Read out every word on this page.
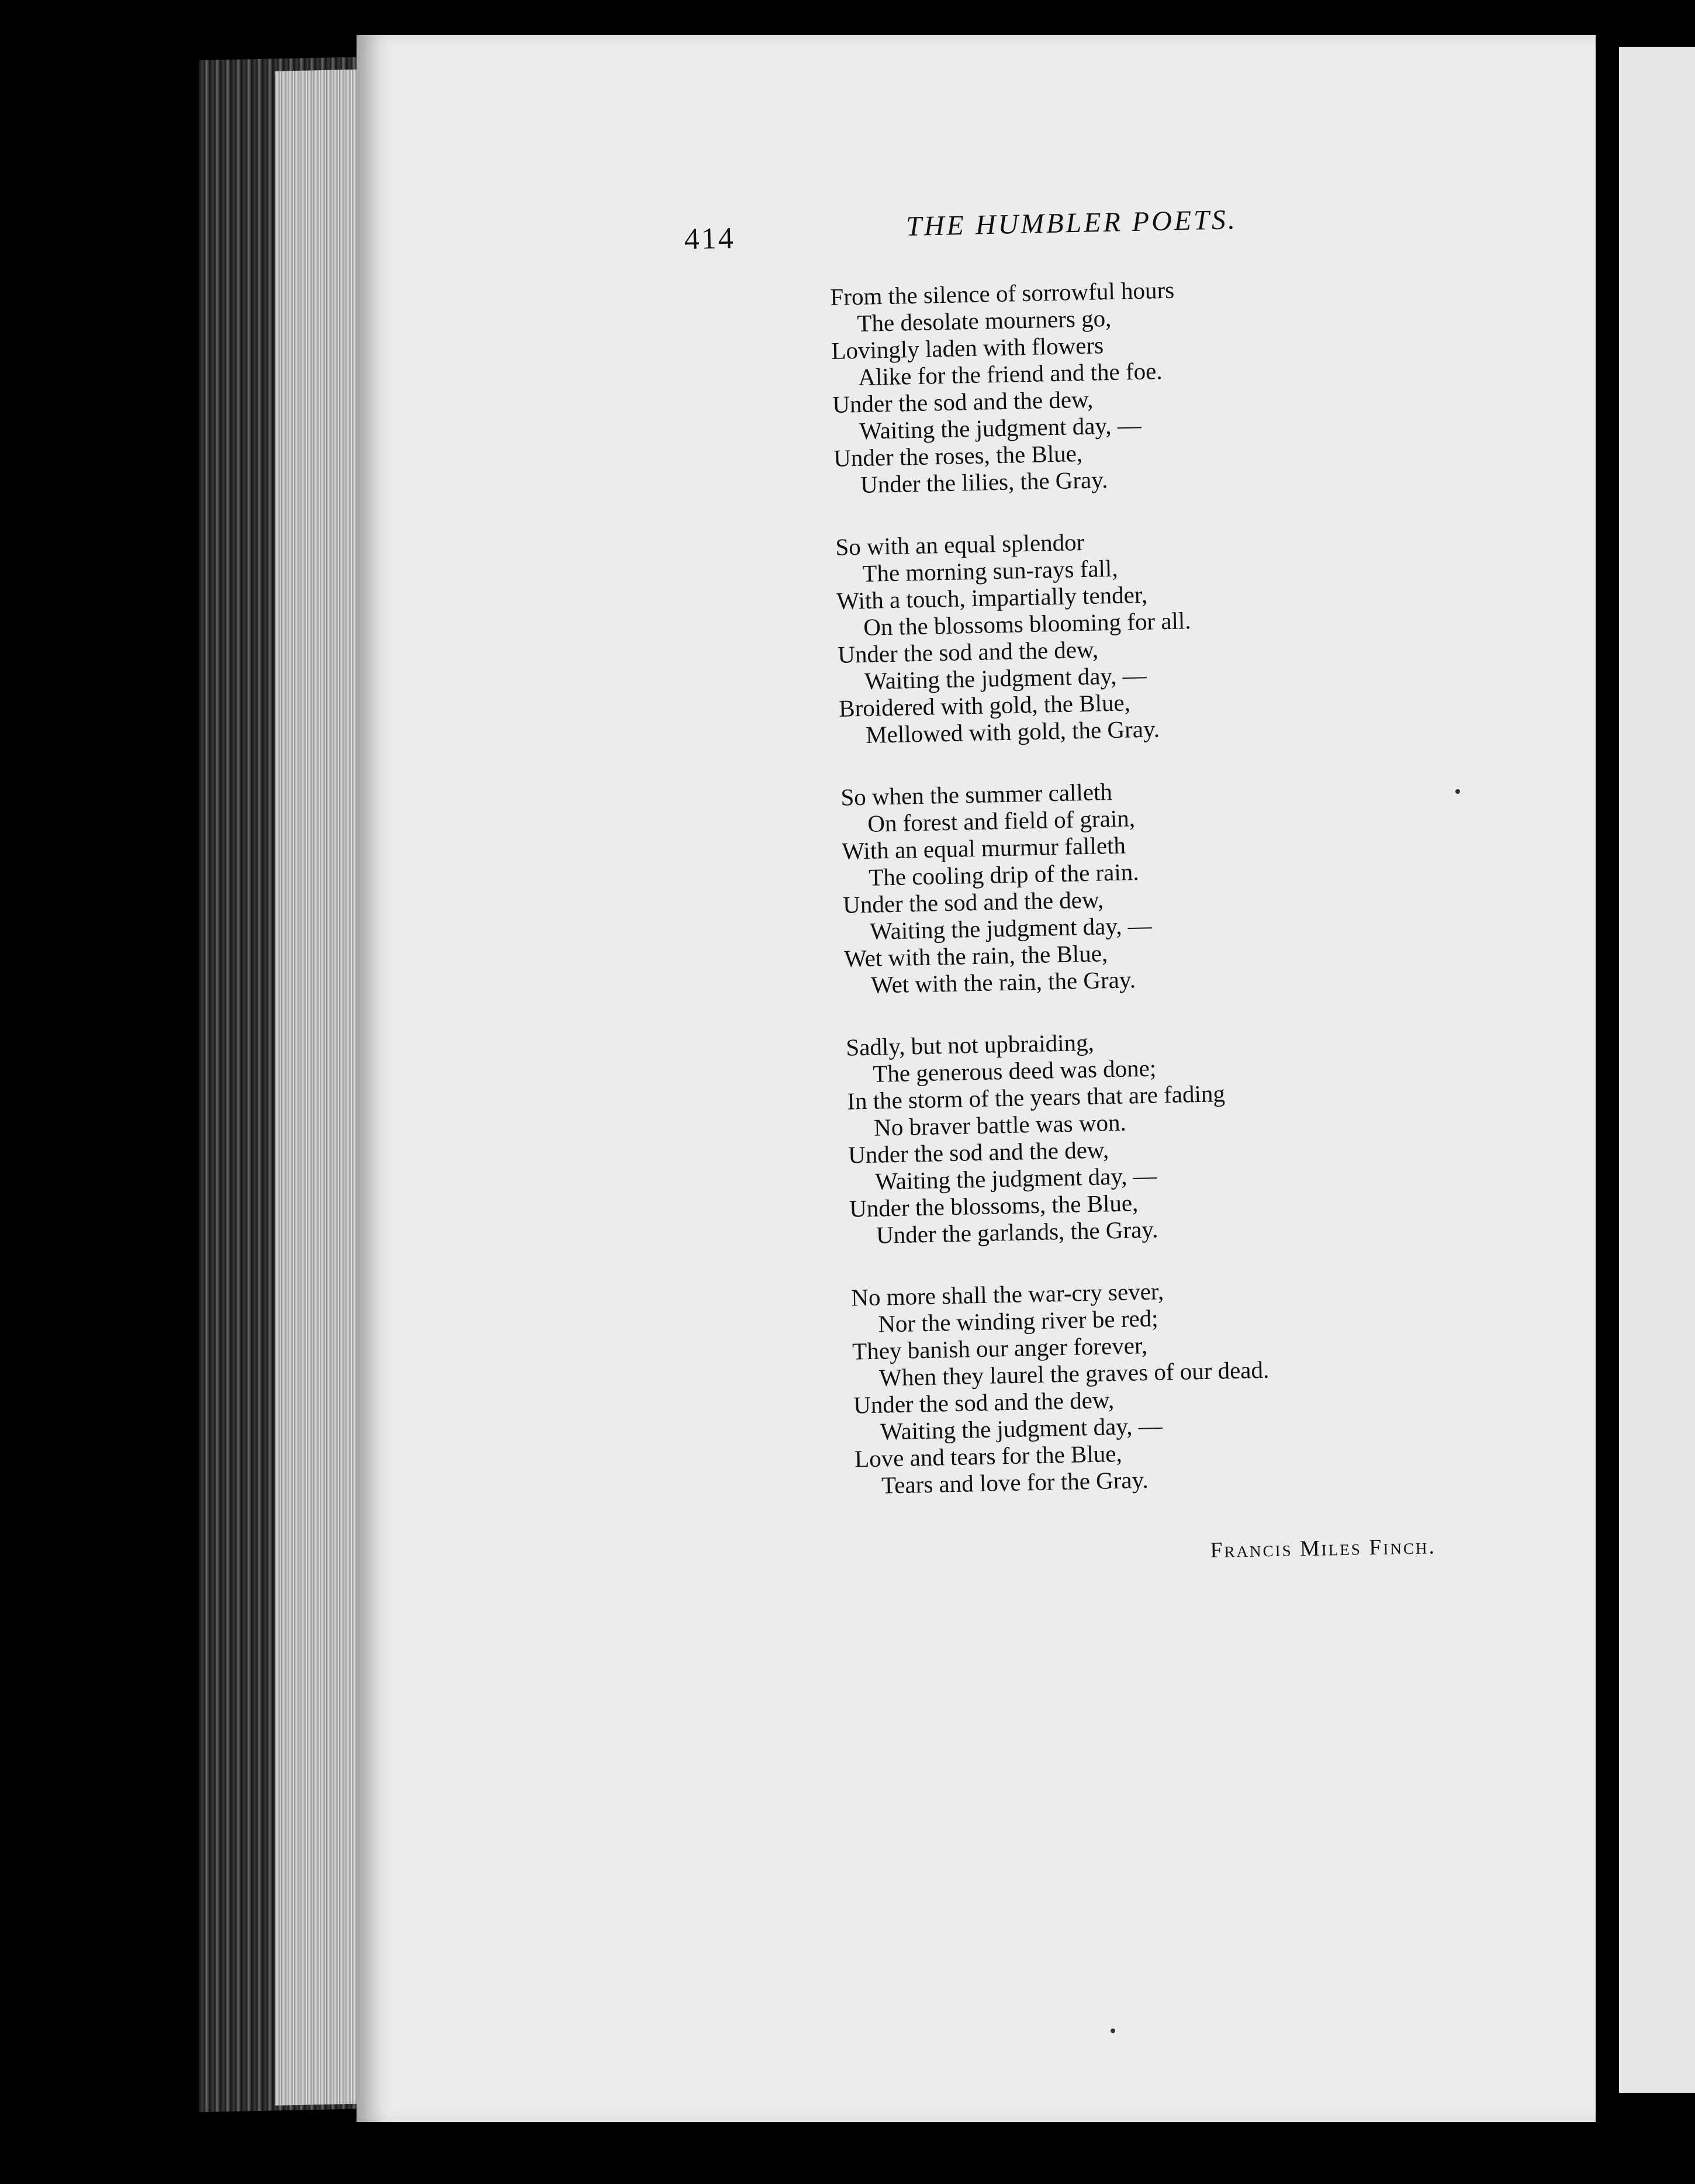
414	THE HUMBLER POETS.
From the silence of sorrowful hours
The desolate mourners go,
Lovingly laden with flowers
Alike for the friend and the foe.
Under the sod and the dew,
Waiting the judgment day, —
Under the roses, the Blue,
Under the lilies, the Gray.
So with an equal splendor
The morning sun-rays fall,
With a touch, impartially tender,
On the blossoms blooming for all.
Under the sod and the dew,
Waiting the judgment day, —
Broidered with gold, the Blue,
Mellowed with gold, the Gray.
So when the summer calleth
On forest and field of grain,
With an equal murmur falleth
The cooling drip of the rain.
Under the sod and the dew,
Waiting the judgment day, —
Wet with the rain, the Blue,
Wet with the rain, the Gray.
Sadly, but not upbraiding,
The generous deed was done;
In the storm of the years that are fading
No braver battle was won.
Under the sod and the dew,
Waiting the judgment day, —
Under the blossoms, the Blue,
Under the garlands, the Gray.
No more shall the war-cry sever,
Nor the winding river be red;
They banish our anger forever,
When they laurel the graves of our dead.
Under the sod and the dew,
Waiting the judgment day, —
Love and tears for the Blue,
Tears and love for the Gray.
Francis Miles Finch.
